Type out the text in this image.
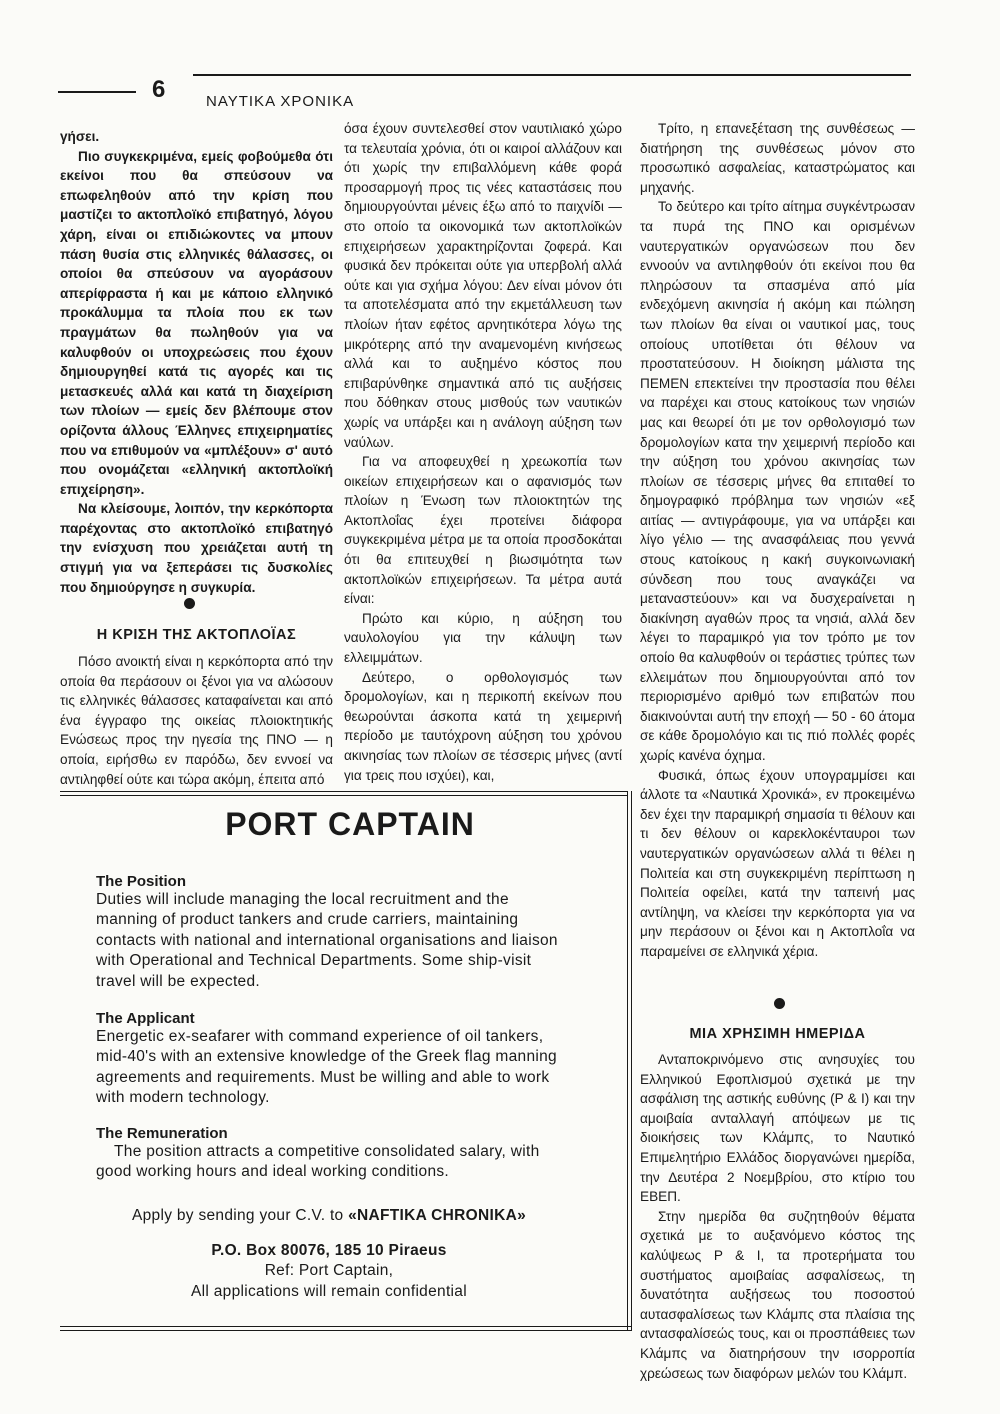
6	ΝΑΥΤΙΚΑ ΧΡΟΝΙΚΑ

γήσει.

Πιο συγκεκριμένα, εμείς φοβούμεθα ότι εκείνοι που θα σπεύσουν να επωφεληθούν από την κρίση που μαστίζει το ακτοπλοϊκό επιβατηγό, λόγου χάρη, είναι οι επιδιώκοντες να μπουν πάση θυσία στις ελληνικές θάλασσες, οι οποίοι θα σπεύσουν να αγοράσουν απερίφραστα ή και με κάποιο ελληνικό προκάλυμμα τα πλοία που εκ των πραγμάτων θα πωληθούν για να καλυφθούν οι υποχρεώσεις που έχουν δημιουργηθεί κατά τις αγορές και τις μετασκευές αλλά και κατά τη διαχείριση των πλοίων — εμείς δεν βλέπουμε στον ορίζοντα άλλους Έλληνες επιχειρηματίες που να επιθυμούν να «μπλέξουν» σ' αυτό που ονομάζεται «ελληνική ακτοπλοϊκή επιχείρηση».

Να κλείσουμε, λοιπόν, την κερκόπορτα παρέχοντας στο ακτοπλοϊκό επιβατηγό την ενίσχυση που χρειάζεται αυτή τη στιγμή για να ξεπεράσει τις δυσκολίες που δημιούργησε η συγκυρία.

Η ΚΡΙΣΗ ΤΗΣ ΑΚΤΟΠΛΟΪΑΣ

Πόσο ανοικτή είναι η κερκόπορτα από την οποία θα περάσουν οι ξένοι για να αλώσουν τις ελληνικές θάλασσες καταφαίνεται και από ένα έγγραφο της οικείας πλοιοκτητικής Ενώσεως προς την ηγεσία της ΠΝΟ — η οποία, ειρήσθω εν παρόδω, δεν εννοεί να αντιληφθεί ούτε και τώρα ακόμη, έπειτα από

όσα έχουν συντελεσθεί στον ναυτιλιακό χώρο τα τελευταία χρόνια, ότι οι καιροί αλλάζουν και ότι χωρίς την επιβαλλόμενη κάθε φορά προσαρμογή προς τις νέες καταστάσεις που δημιουργούνται μένεις έξω από το παιχνίδι — στο οποίο τα οικονομικά των ακτοπλοϊκών επιχειρήσεων χαρακτηρίζονται ζοφερά. Και φυσικά δεν πρόκειται ούτε για υπερβολή αλλά ούτε και για σχήμα λόγου: Δεν είναι μόνον ότι τα αποτελέσματα από την εκμετάλλευση των πλοίων ήταν εφέτος αρνητικότερα λόγω της μικρότερης από την αναμενομένη κινήσεως αλλά και το αυξημένο κόστος που επιβαρύνθηκε σημαντικά από τις αυξήσεις που δόθηκαν στους μισθούς των ναυτικών χωρίς να υπάρξει και η ανάλογη αύξηση των ναύλων.

Για να αποφευχθεί η χρεωκοπία των οικείων επιχειρήσεων και ο αφανισμός των πλοίων η Ένωση των πλοιοκτητών της Ακτοπλοΐας έχει προτείνει διάφορα συγκεκριμένα μέτρα με τα οποία προσδοκάται ότι θα επιτευχθεί η βιωσιμότητα των ακτοπλοϊκών επιχειρήσεων. Τα μέτρα αυτά είναι:

Πρώτο και κύριο, η αύξηση του ναυλολογίου για την κάλυψη των ελλειμμάτων.

Δεύτερο, ο ορθολογισμός των δρομολογίων, και η περικοπή εκείνων που θεωρούνται άσκοπα κατά τη χειμερινή περίοδο με ταυτόχρονη αύξηση του χρόνου ακινησίας των πλοίων σε τέσσερις μήνες (αντί για τρεις που ισχύει), και,

Τρίτο, η επανεξέταση της συνθέσεως — διατήρηση της συνθέσεως μόνον στο προσωπικό ασφαλείας, καταστρώματος και μηχανής.

Το δεύτερο και τρίτο αίτημα συγκέντρωσαν τα πυρά της ΠΝΟ και ορισμένων ναυτεργατικών οργανώσεων που δεν εννοούν να αντιληφθούν ότι εκείνοι που θα πληρώσουν τα σπασμένα από μία ενδεχόμενη ακινησία ή ακόμη και πώληση των πλοίων θα είναι οι ναυτικοί μας, τους οποίους υποτίθεται ότι θέλουν να προστατεύσουν. Η διοίκηση μάλιστα της ΠΕΜΕΝ επεκτείνει την προστασία που θέλει να παρέχει και στους κατοίκους των νησιών μας και θεωρεί ότι με τον ορθολογισμό των δρομολογίων κατα την χειμερινή περίοδο και την αύξηση του χρόνου ακινησίας των πλοίων σε τέσσερις μήνες θα επιταθεί το δημογραφικό πρόβλημα των νησιών «εξ αιτίας — αντιγράφουμε, για να υπάρξει και λίγο γέλιο — της ανασφάλειας που γεννά στους κατοίκους η κακή συγκοινωνιακή σύνδεση που τους αναγκάζει να μεταναστεύουν» και να δυσχεραίνεται η διακίνηση αγαθών προς τα νησιά, αλλά δεν λέγει το παραμικρό για τον τρόπο με τον οποίο θα καλυφθούν οι τεράστιες τρύπες των ελλειμάτων που δημιουργούνται από τον περιορισμένο αριθμό των επιβατών που διακινούνται αυτή την εποχή — 50 - 60 άτομα σε κάθε δρομολόγιο και τις πιό πολλές φορές χωρίς κανένα όχημα.

Φυσικά, όπως έχουν υπογραμμίσει και άλλοτε τα «Ναυτικά Χρονικά», εν προκειμένω δεν έχει την παραμικρή σημασία τι θέλουν και τι δεν θέλουν οι καρεκλοκένταυροι των ναυτεργατικών οργανώσεων αλλά τι θέλει η Πολιτεία και στη συγκεκριμένη περίπτωση η Πολιτεία οφείλει, κατά την ταπεινή μας αντίληψη, να κλείσει την κερκόπορτα για να μην περάσουν οι ξένοι και η Ακτοπλοΐα να παραμείνει σε ελληνικά χέρια.

ΜΙΑ ΧΡΗΣΙΜΗ ΗΜΕΡΙΔΑ

Ανταποκρινόμενο στις ανησυχίες του Ελληνικού Εφοπλισμού σχετικά με την ασφάλιση της αστικής ευθύνης (P & I) και την αμοιβαία ανταλλαγή απόψεων με τις διοικήσεις των Κλάμπς, το Ναυτικό Επιμελητήριο Ελλάδος διοργανώνει ημερίδα, την Δευτέρα 2 Νοεμβρίου, στο κτίριο του ΕΒΕΠ.

Στην ημερίδα θα συζητηθούν θέματα σχετικά με το αυξανόμενο κόστος της καλύψεως P & I, τα προτερήματα του συστήματος αμοιβαίας ασφαλίσεως, τη δυνατότητα αυξήσεως του ποσοστού αυτασφαλίσεως των Κλάμπς στα πλαίσια της αντασφαλίσεώς τους, και οι προσπάθειες των Κλάμπς να διατηρήσουν την ισορροπία χρεώσεως των διαφόρων μελών του Κλάμπ.

PORT CAPTAIN
The Position

Duties will include managing the local recruitment and the manning of product tankers and crude carriers, maintaining contacts with national and international organisations and liaison with Operational and Technical Departments. Some ship-visit travel will be expected.

The Applicant

Energetic ex-seafarer with command experience of oil tankers, mid-40's with an extensive knowledge of the Greek flag manning agreements and requirements. Must be willing and able to work with modern technology.

The Remuneration

The position attracts a competitive consolidated salary, with good working hours and ideal working conditions.

Apply by sending your C.V. to «NAFTIKA CHRONIKA»

P.O. Box 80076, 185 10 Piraeus

Ref: Port Captain,

All applications will remain confidential
